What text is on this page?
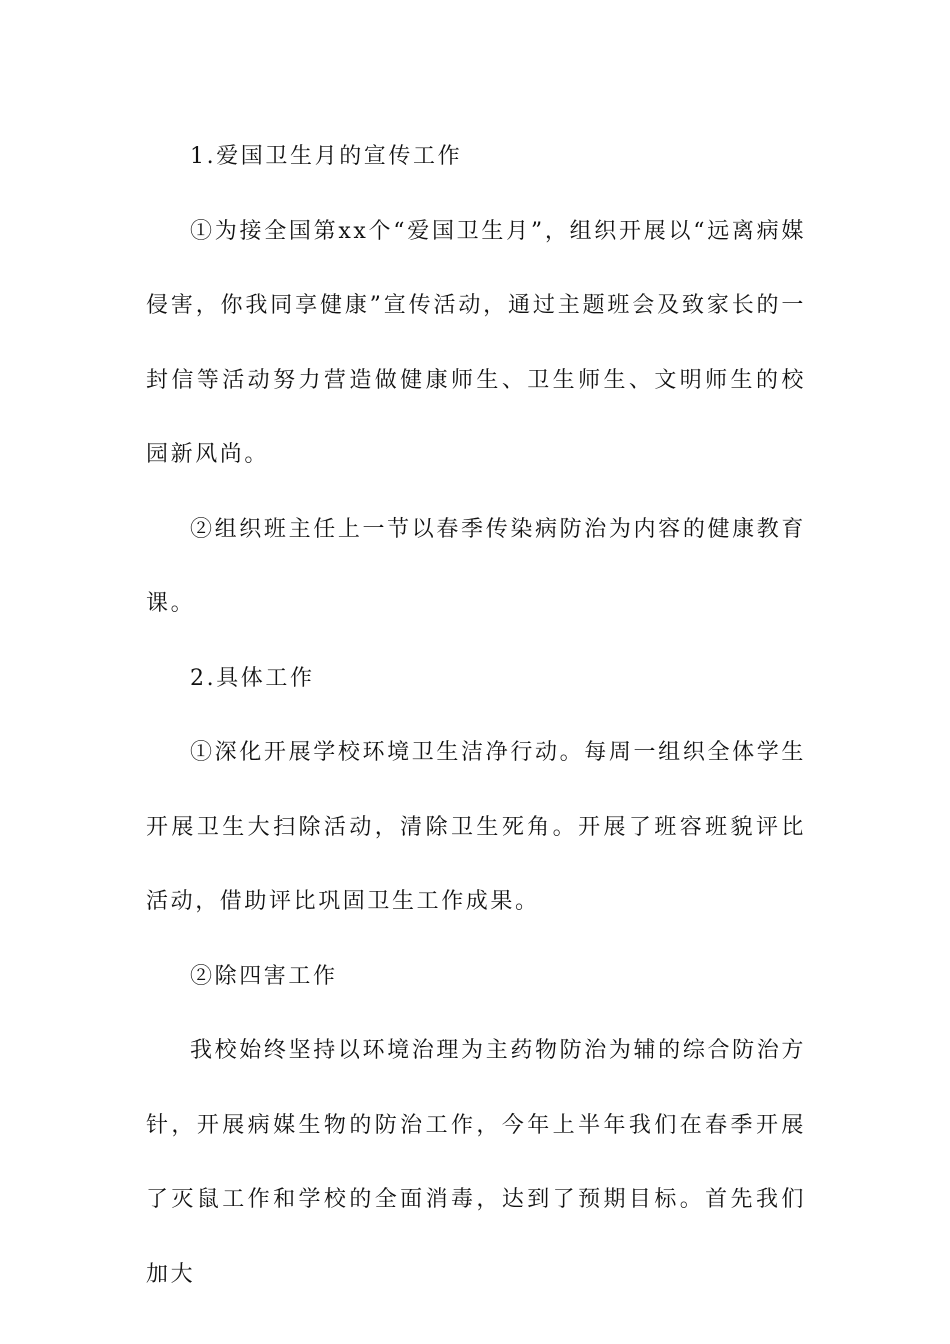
1.爱国卫生月的宣传工作

①为接全国第xx个“爱国卫生月”，组织开展以“远离病媒侵害，你我同享健康”宣传活动，通过主题班会及致家长的一封信等活动努力营造做健康师生、卫生师生、文明师生的校园新风尚。

②组织班主任上一节以春季传染病防治为内容的健康教育课。

2.具体工作

①深化开展学校环境卫生洁净行动。每周一组织全体学生开展卫生大扫除活动，清除卫生死角。开展了班容班貌评比活动，借助评比巩固卫生工作成果。

②除四害工作

我校始终坚持以环境治理为主药物防治为辅的综合防治方针，开展病媒生物的防治工作，今年上半年我们在春季开展了灭鼠工作和学校的全面消毒，达到了预期目标。首先我们加大
